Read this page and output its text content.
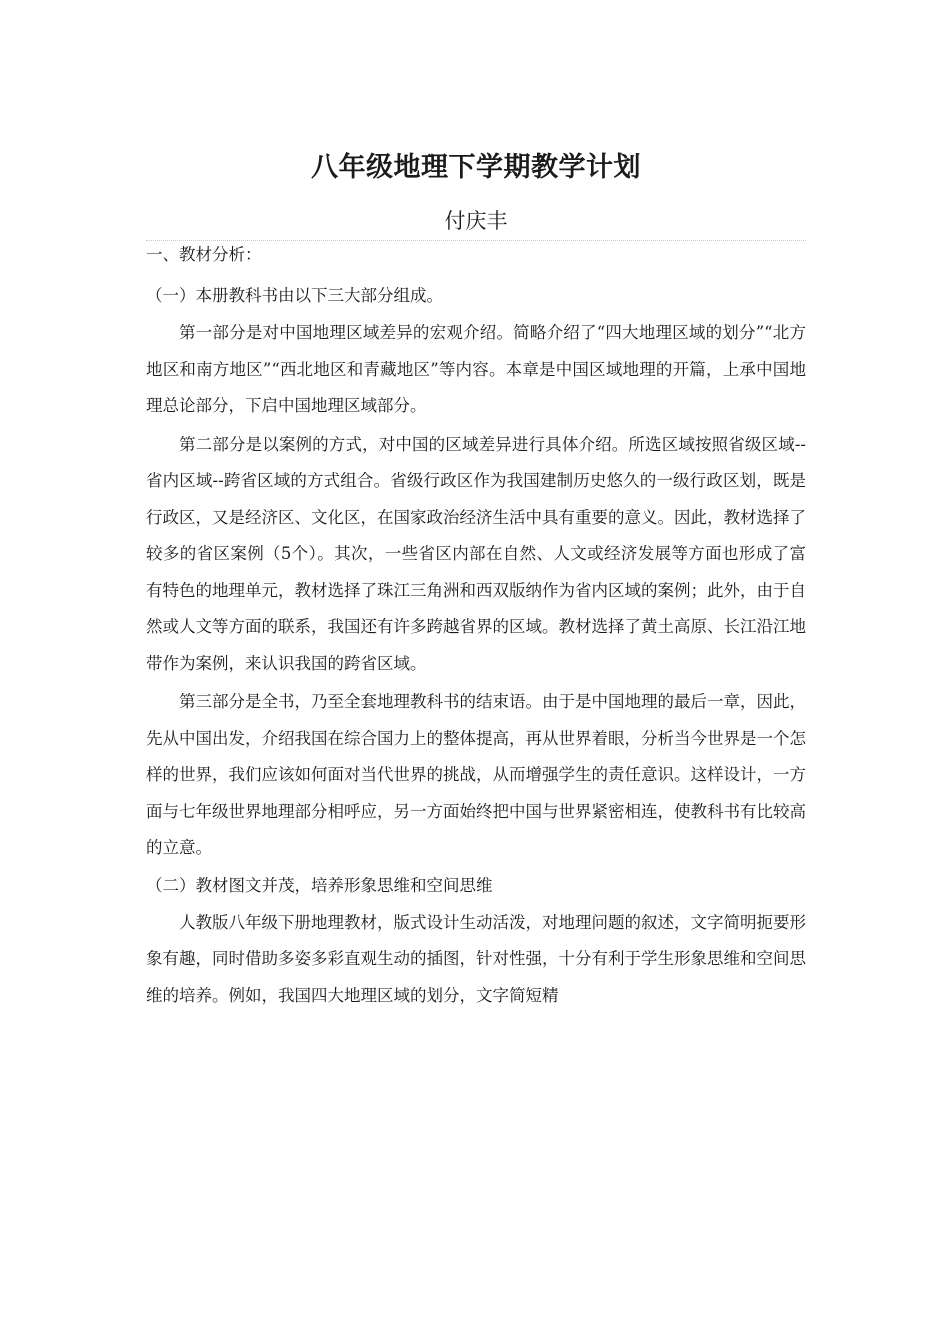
八年级地理下学期教学计划
付庆丰

一、教材分析：

（一）本册教科书由以下三大部分组成。

第一部分是对中国地理区域差异的宏观介绍。简略介绍了“四大地理区域的划分”“北方地区和南方地区”“西北地区和青藏地区”等内容。本章是中国区域地理的开篇，上承中国地理总论部分，下启中国地理区域部分。

第二部分是以案例的方式，对中国的区域差异进行具体介绍。所选区域按照省级区域--省内区域--跨省区域的方式组合。省级行政区作为我国建制历史悠久的一级行政区划，既是行政区，又是经济区、文化区，在国家政治经济生活中具有重要的意义。因此，教材选择了较多的省区案例（5个）。其次，一些省区内部在自然、人文或经济发展等方面也形成了富有特色的地理单元，教材选择了珠江三角洲和西双版纳作为省内区域的案例；此外，由于自然或人文等方面的联系，我国还有许多跨越省界的区域。教材选择了黄土高原、长江沿江地带作为案例，来认识我国的跨省区域。

第三部分是全书，乃至全套地理教科书的结束语。由于是中国地理的最后一章，因此，先从中国出发，介绍我国在综合国力上的整体提高，再从世界着眼，分析当今世界是一个怎样的世界，我们应该如何面对当代世界的挑战，从而增强学生的责任意识。这样设计，一方面与七年级世界地理部分相呼应，另一方面始终把中国与世界紧密相连，使教科书有比较高的立意。

（二）教材图文并茂，培养形象思维和空间思维

人教版八年级下册地理教材，版式设计生动活泼，对地理问题的叙述，文字简明扼要形象有趣，同时借助多姿多彩直观生动的插图，针对性强，十分有利于学生形象思维和空间思维的培养。例如，我国四大地理区域的划分，文字简短精
